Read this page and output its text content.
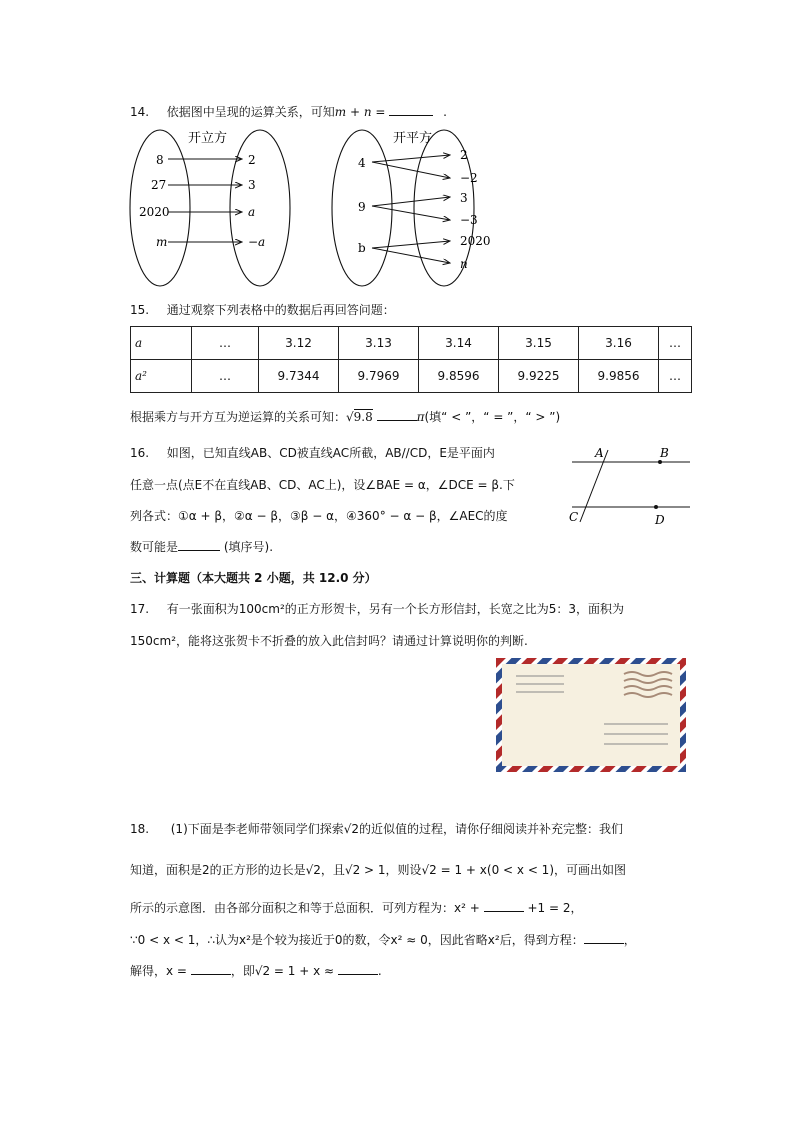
14. 依据图中呈现的运算关系，可知m + n =	.
开立方
8
27
2020
m
2
3
a
−a
开平方
4
9
b
2
−2
3
−3
2020
n
15. 通过观察下列表格中的数据后再回答问题：
a	…	3.12	3.13	3.14	3.15	3.16	…
a²	…	9.7344	9.7969	9.8596	9.9225	9.9856	…
根据乘方与开方互为逆运算的关系可知：√9.8	π(填“ < ”，“ = ”，“ > ”)
16. 如图，已知直线AB、CD被直线AC所截，AB//CD，E是平面内
任意一点(点E不在直线AB、CD、AC上)，设∠BAE = α，∠DCE = β.下
列各式：①α + β，②α − β，③β − α，④360° − α − β，∠AEC的度
数可能是	(填序号).
A	B
C	D
三、计算题（本大题共 2 小题，共 12.0 分）
17. 有一张面积为100cm²的正方形贺卡，另有一个长方形信封，长宽之比为5：3，面积为
150cm²，能将这张贺卡不折叠的放入此信封吗？请通过计算说明你的判断.
18. (1)下面是李老师带领同学们探索√2的近似值的过程，请你仔细阅读并补充完整：我们
知道，面积是2的正方形的边长是√2，且√2 > 1，则设√2 = 1 + x(0 < x < 1)，可画出如图
所示的示意图．由各部分面积之和等于总面积．可列方程为：x² +	+1 = 2，
∵0 < x < 1，∴认为x²是个较为接近于0的数，令x² ≈ 0，因此省略x²后，得到方程：	，
解得，x =	，即√2 = 1 + x ≈	.
